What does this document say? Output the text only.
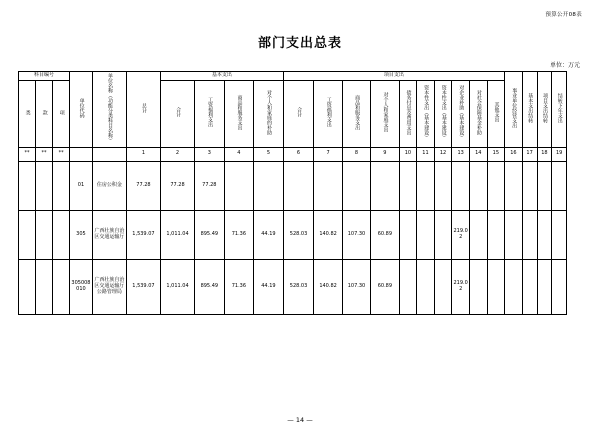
预算公开08表
部门支出总表
单位：万元
科目编号			单位代码	单位名称（功能分类科目名称）	总计	基本支出				项目支出										事业单位经营支出	基本支出结转	项目支出结转	结转下年支出
类	款	项				合计	工资福利支出	商品和服务支出	对个人和家庭的补助	合计	工资福利支出	商品和服务支出	对个人和家庭支出	债务付息及费用支出	资本性支出（基本建设）	资本性支出（基本建设）	对企业补助（基本建设）	对社会保障基金补助	其他支出				

**	**	**			1	2	3	4	5	6	7	8	9	10	11	12	13	14	15	16	17	18	19
			01	住房公积金	77.28	77.28	77.28																
			305	广西壮族自治区交通运输厅	1,539.07	1,011.04	895.49	71.36	44.19	528.03	140.82	107.30	60.89				219.02						
			305008010	广西壮族自治区交通运输厅公路管理局	1,539.07	1,011.04	895.49	71.36	44.19	528.03	140.82	107.30	60.89				219.02						
— 14 —
